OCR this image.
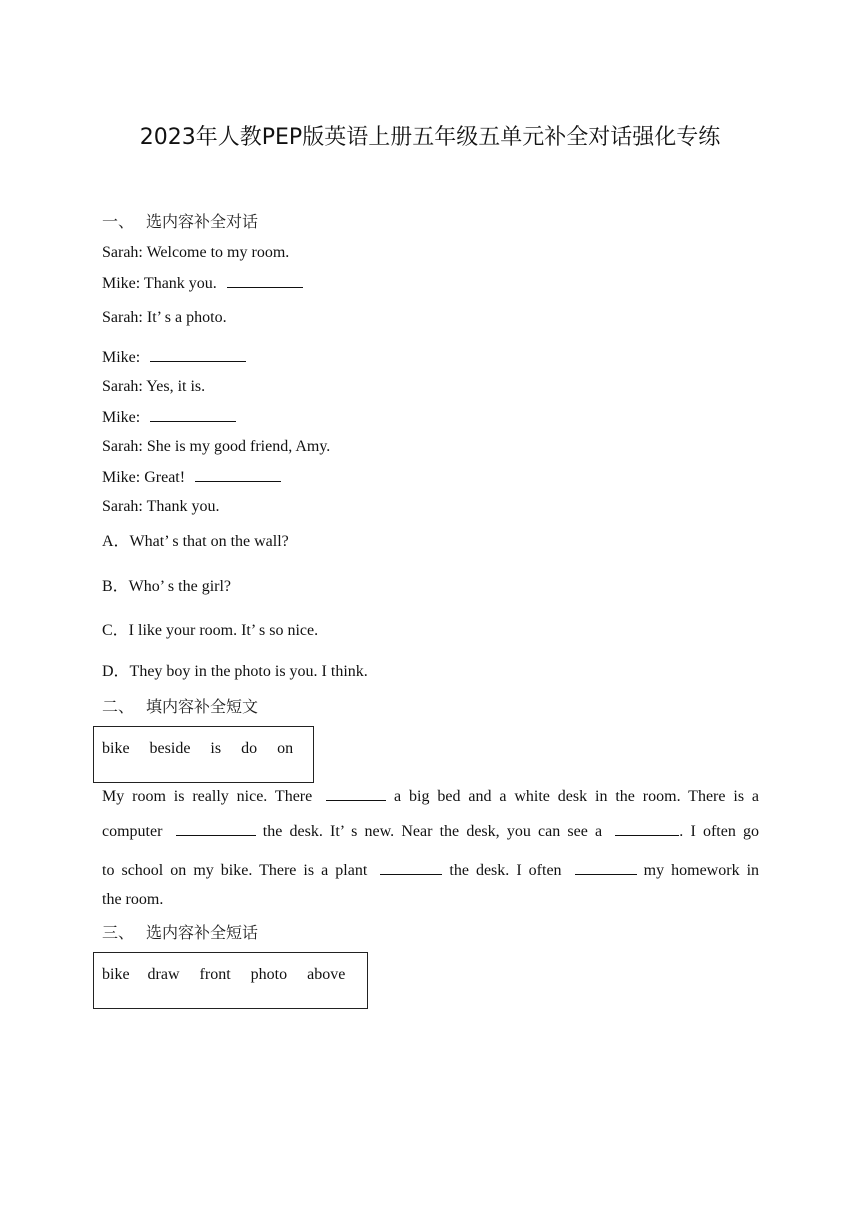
2023年人教PEP版英语上册五年级五单元补全对话强化专练
一、 选内容补全对话
Sarah: Welcome to my room.
Mike: Thank you.
Sarah: It’ s a photo.
Mike:
Sarah: Yes, it is.
Mike:
Sarah: She is my good friend, Amy.
Mike: Great!
Sarah: Thank you.
A．What’ s that on the wall?
B．Who’ s the girl?
C．I like your room. It’ s so nice.
D．They boy in the photo is you. I think.
二、 填内容补全短文
bike beside is do on
My room is really nice. There	a big bed and a white desk in the room. There is a
computer	the desk. It’ s new. Near the desk, you can see a	. I often go
to school on my bike. There is a plant	the desk. I often	my homework in
the room.
三、 选内容补全短话
bike draw front photo above
